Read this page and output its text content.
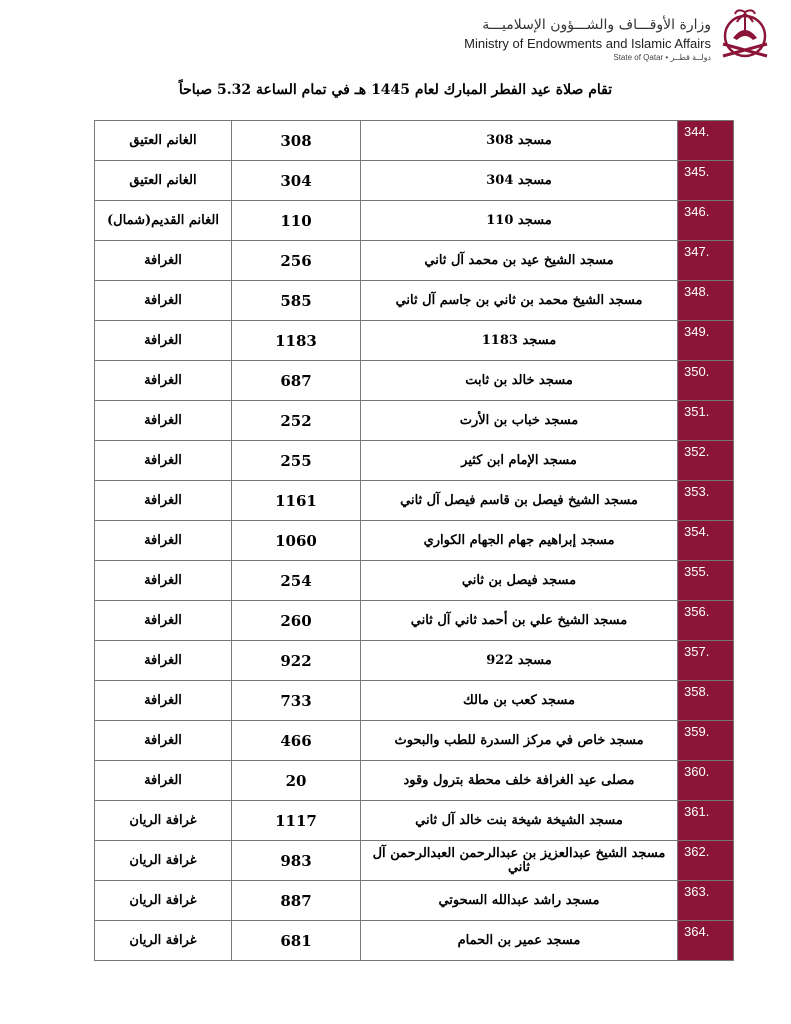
وزارة الأوقـــاف والشـــؤون الإسلاميـــة
Ministry of Endowments and Islamic Affairs
State of Qatar • دولــة قطــر
تقام صلاة عيد الفطر المبارك لعام 1445 هـ في تمام الساعة 5.32 صباحاً
الغانم العتيق	308	مسجد 308	344.
الغانم العتيق	304	مسجد 304	345.
الغانم القديم(شمال)	110	مسجد 110	346.
الغرافة	256	مسجد الشيخ عيد بن محمد آل ثاني	347.
الغرافة	585	مسجد الشيخ محمد بن ثاني بن جاسم آل ثاني	348.
الغرافة	1183	مسجد 1183	349.
الغرافة	687	مسجد خالد بن ثابت	350.
الغرافة	252	مسجد خباب بن الأرت	351.
الغرافة	255	مسجد الإمام ابن كثير	352.
الغرافة	1161	مسجد الشيخ فيصل بن قاسم فيصل آل ثاني	353.
الغرافة	1060	مسجد إبراهيم جهام الجهام الكواري	354.
الغرافة	254	مسجد فيصل بن ثاني	355.
الغرافة	260	مسجد الشيخ علي بن أحمد ثاني آل ثاني	356.
الغرافة	922	مسجد 922	357.
الغرافة	733	مسجد كعب بن مالك	358.
الغرافة	466	مسجد خاص في مركز السدرة للطب والبحوث	359.
الغرافة	20	مصلى عيد الغرافة خلف محطة بترول وقود	360.
غرافة الريان	1117	مسجد الشيخة شيخة بنت خالد آل ثاني	361.
غرافة الريان	983	مسجد الشيخ عبدالعزيز بن عبدالرحمن العبدالرحمن آل ثاني	362.
غرافة الريان	887	مسجد راشد عبدالله السحوتي	363.
غرافة الريان	681	مسجد عمير بن الحمام	364.
